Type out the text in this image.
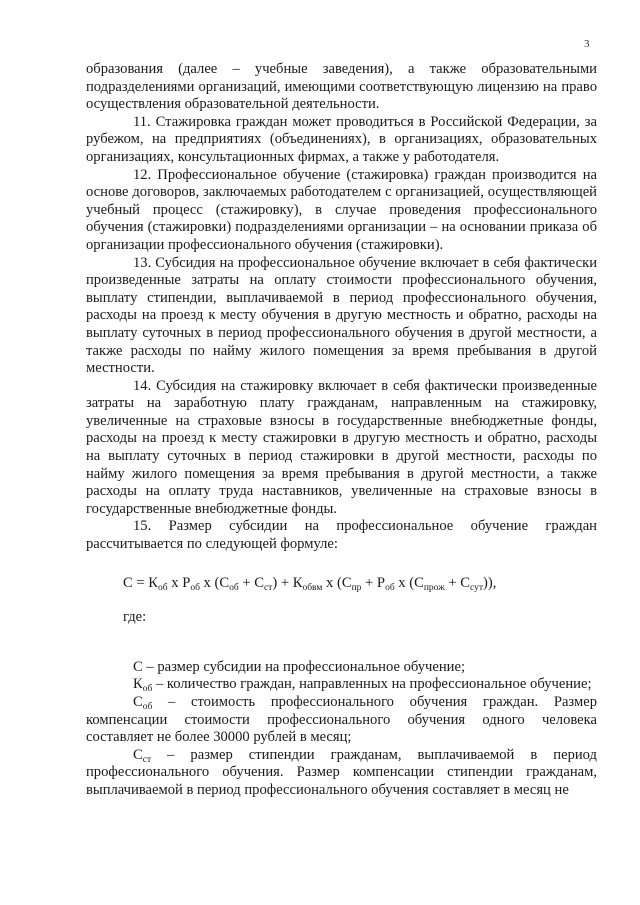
3

образования (далее – учебные заведения), а также образовательными подразделениями организаций, имеющими соответствующую лицензию на право осуществления образовательной деятельности.

11. Стажировка граждан может проводиться в Российской Федерации, за рубежом, на предприятиях (объединениях), в организациях, образовательных организациях, консультационных фирмах, а также у работодателя.

12. Профессиональное обучение (стажировка) граждан производится на основе договоров, заключаемых работодателем с организацией, осуществляющей учебный процесс (стажировку), в случае проведения профессионального обучения (стажировки) подразделениями организации – на основании приказа об организации профессионального обучения (стажировки).

13. Субсидия на профессиональное обучение включает в себя фактически произведенные затраты на оплату стоимости профессионального обучения, выплату стипендии, выплачиваемой в период профессионального обучения, расходы на проезд к месту обучения в другую местность и обратно, расходы на выплату суточных в период профессионального обучения в другой местности, а также расходы по найму жилого помещения за время пребывания в другой местности.

14. Субсидия на стажировку включает в себя фактически произведенные затраты на заработную плату гражданам, направленным на стажировку, увеличенные на страховые взносы в государственные внебюджетные фонды, расходы на проезд к месту стажировки в другую местность и обратно, расходы на выплату суточных в период стажировки в другой местности, расходы по найму жилого помещения за время пребывания в другой местности, а также расходы на оплату труда наставников, увеличенные на страховые взносы в государственные внебюджетные фонды.

15. Размер субсидии на профессиональное обучение граждан рассчитывается по следующей формуле:

$С = К_{об}$ х $Р_{об}$ х $(С_{об} + С_{ст}) + К_{обвм}$ х ($С_{пр} + Р_{об}$ х $(С_{прож} + С_{сут})$),
где:

С – размер субсидии на профессиональное обучение;

$К_{об}$ – количество граждан, направленных на профессиональное обучение;

$С_{об}$ – стоимость профессионального обучения граждан. Размер компенсации стоимости профессионального обучения одного человека составляет не более 30000 рублей в месяц;

$С_{ст}$ – размер стипендии гражданам, выплачиваемой в период профессионального обучения. Размер компенсации стипендии гражданам, выплачиваемой в период профессионального обучения составляет в месяц не
